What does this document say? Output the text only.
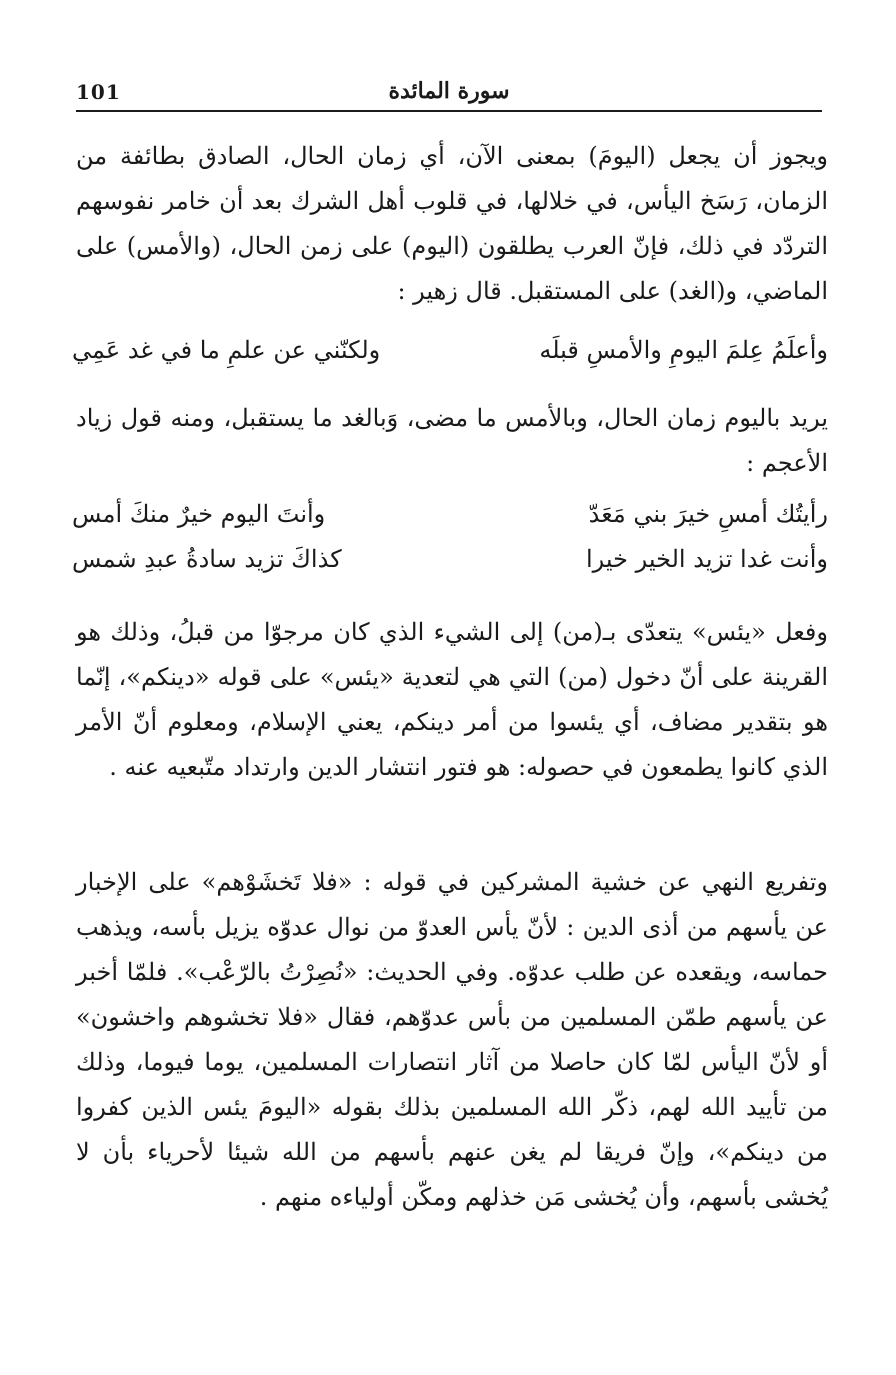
101	سورة المائدة

ويجوز أن يجعل (اليومَ) بمعنى الآن، أي زمان الحال، الصادق بطائفة من الزمان، رَسَخ اليأس، في خلالها، في قلوب أهل الشرك بعد أن خامر نفوسهم التردّد في ذلك، فإنّ العرب يطلقون (اليوم) على زمن الحال، (والأمس) على الماضي، و(الغد) على المستقبل. قال زهير :

وأعلَمُ عِلمَ اليومِ والأمسِ قبلَه
ولكنّني عن علمِ ما في غد عَمِي

يريد باليوم زمان الحال، وبالأمس ما مضى، وَبالغد ما يستقبل، ومنه قول زياد الأعجم :

رأيتُك أمسِ خيرَ بني مَعَدّ
وأنتَ اليوم خيرٌ منكَ أمس
وأنت غدا تزيد الخير خيرا
كذاكَ تزيد سادةُ عبدِ شمس

وفعل «يئس» يتعدّى بـ(من) إلى الشيء الذي كان مرجوّا من قبلُ، وذلك هو القرينة على أنّ دخول (من) التي هي لتعدية «يئس» على قوله «دينكم»، إنّما هو بتقدير مضاف، أي يئسوا من أمر دينكم، يعني الإسلام، ومعلوم أنّ الأمر الذي كانوا يطمعون في حصوله: هو فتور انتشار الدين وارتداد متّبعيه عنه .

وتفريع النهي عن خشية المشركين في قوله : «فلا تَخشَوْهم» على الإخبار عن يأسهم من أذى الدين : لأنّ يأس العدوّ من نوال عدوّه يزيل بأسه، ويذهب حماسه، ويقعده عن طلب عدوّه. وفي الحديث: «نُصِرْتُ بالرّعْب». فلمّا أخبر عن يأسهم طمّن المسلمين من بأس عدوّهم، فقال «فلا تخشوهم واخشون» أو لأنّ اليأس لمّا كان حاصلا من آثار انتصارات المسلمين، يوما فيوما، وذلك من تأييد الله لهم، ذكّر الله المسلمين بذلك بقوله «اليومَ يئس الذين كفروا من دينكم»، وإنّ فريقا لم يغن عنهم بأسهم من الله شيئا لأحرياء بأن لا يُخشى بأسهم، وأن يُخشى مَن خذلهم ومكّن أولياءه منهم .
